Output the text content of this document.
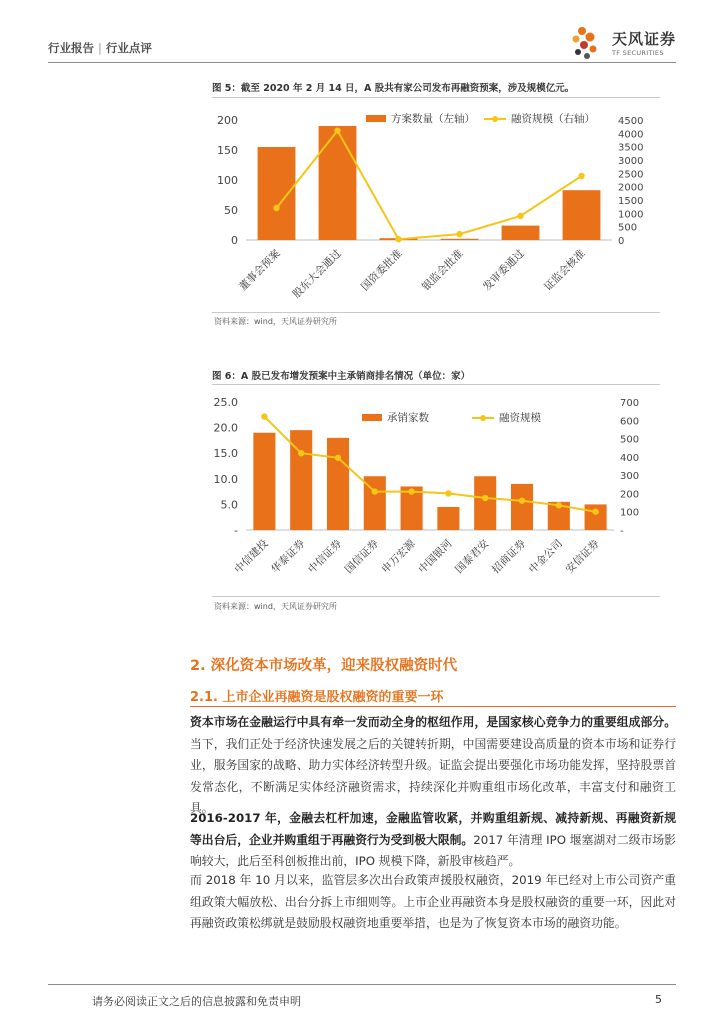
行业报告 | 行业点评	天风证券
TF SECURITIES
图 5：截至 2020 年 2 月 14 日，A 股共有家公司发布再融资预案，涉及规模亿元。
0
50
100
150
200
0
500
1000
1500
2000
2500
3000
3500
4000
4500
董事会预案 股东大会通过 国资委批准 银监会批准 发审委通过 证监会核准
方案数量（左轴）	融资规模（右轴）
资料来源：wind，天风证券研究所
图 6：A 股已发布增发预案中主承销商排名情况（单位：家）
-
5.0
10.0
15.0
20.0
25.0
-
100
200
300
400
500
600
700
中信建投
华泰证券
中信证券
国信证券
申万宏源
中国银河
国泰君安
招商证券
中金公司
安信证券
承销家数	融资规模
资料来源：wind，天风证券研究所
2. 深化资本市场改革，迎来股权融资时代
2.1. 上市企业再融资是股权融资的重要一环
资本市场在金融运行中具有牵一发而动全身的枢纽作用，是国家核心竞争力的重要组成部分。当下，我们正处于经济快速发展之后的关键转折期，中国需要建设高质量的资本市场和证券行业，服务国家的战略、助力实体经济转型升级。证监会提出要强化市场功能发挥，坚持股票首发常态化，不断满足实体经济融资需求，持续深化并购重组市场化改革，丰富支付和融资工具。
2016-2017 年，金融去杠杆加速，金融监管收紧，并购重组新规、减持新规、再融资新规等出台后，企业并购重组于再融资行为受到极大限制。2017 年清理 IPO 堰塞湖对二级市场影响较大，此后至科创板推出前，IPO 规模下降，新股审核趋严。
而 2018 年 10 月以来，监管层多次出台政策声援股权融资，2019 年已经对上市公司资产重组政策大幅放松、出台分拆上市细则等。上市企业再融资本身是股权融资的重要一环，因此对再融资政策松绑就是鼓励股权融资地重要举措，也是为了恢复资本市场的融资功能。
请务必阅读正文之后的信息披露和免责申明	5
